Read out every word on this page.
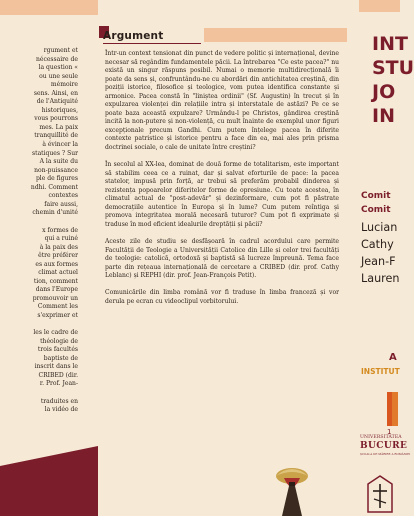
rgument et
nécessaire de
la question «
ou une seule
mémoire
sens. Ainsi, en
de l'Antiquité
historiques,
vous pourrons
mes. La paix
tranquillité de
à évincer la
statiques ? Sur
A la suite du
non-puissance
ple de figures
ndhi. Comment
contextes
faire aussi,
chemin d'unité

x formes de
qui a ruiné
à la paix des
être préférer
es aux formes
climat actuel
tion, comment
dans l'Europe
promouvoir un
Comment les
s'exprimer et

les le cadre de
théologie de
trois facultés
baptiste de
inscrit dans le
CRIBED (dir.
r. Prof. Jean-

traduites en
la vidéo de

Argument

Într-un context tensionat din punct de vedere politic și internațional, devine necesar să regândim fundamentele păcii. La întrebarea "Ce este pacea?" nu există un singur răspuns posibil. Numai o memorie multidirecțională îi poate da sens și, confruntându-ne cu abordări din antichitatea creștină, din poziții istorice, filosofice și teologice, vom putea identifica constante și armonice. Pacea constă în "liniștea ordinii" (Sf. Augustin) în trecut și în expulzarea violenței din relațiile intra și interstatale de astăzi? Pe ce se poate baza această expulzare? Urmându-l pe Christos, gândirea creștină incită la non-putere și non-violență, cu mult înainte de exemplul unor figuri excepționale precum Gandhi. Cum putem înțelege pacea în diferite contexte patristice și istorice pentru a face din ea, mai ales prin prisma doctrinei sociale, o cale de unitate între creștini?

În secolul al XX-lea, dominat de două forme de totalitarism, este important să stabilim ceea ce a ruinat, dar și salvat eforturile de pace: la pacea statelor, impusă prin forță, ar trebui să preferăm probabil dinderea și rezistența popoarelor diferitelor forme de opresiune. Cu toate acestea, în climatul actual de "post-adevăr" și dezinformare, cum pot fi păstrate democrațiile autentice în Europa și în lume? Cum putem reîntiga și promova integritatea morală necesară tuturor? Cum pot fi exprimate și traduse în mod eficient idealurile dreptății și păcii?

Aceste zile de studiu se desfășoară în cadrul acordului care permite Facultății de Teologie a Universității Catolice din Lille și celor trei facultăți de teologie: catolică, ortodoxă și baptistă să lucreze împreună. Tema face parte din rețeaua internațională de cercetare a CRIBED (dir. prof. Cathy Leblanc) și REPHI (dir. prof. Jean-François Petit).

Comunicările din limba română vor fi traduse în limba franceză și vor derula pe ecran cu videoclipul vorbitorului.

INT
STU
JO
IN
Comit
Comit
Lucian
Cathy
Jean-F
Lauren
A
INSTITUT
1
UNIVERSITATEA
BUCURE
ȘCOALA DE MĂRIRE A ROMÂNIEI
